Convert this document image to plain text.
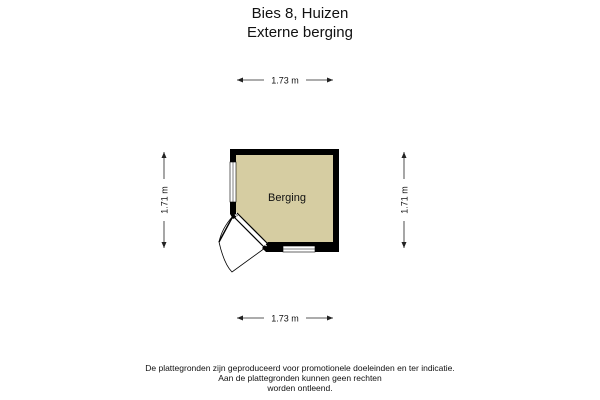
Bies 8, Huizen
Externe berging
1.73 m
1.73 m
1.71 m	1.71 m
Berging
De plattegronden zijn geproduceerd voor promotionele doeleinden en ter indicatie.
Aan de plattegronden kunnen geen rechten
worden ontleend.
